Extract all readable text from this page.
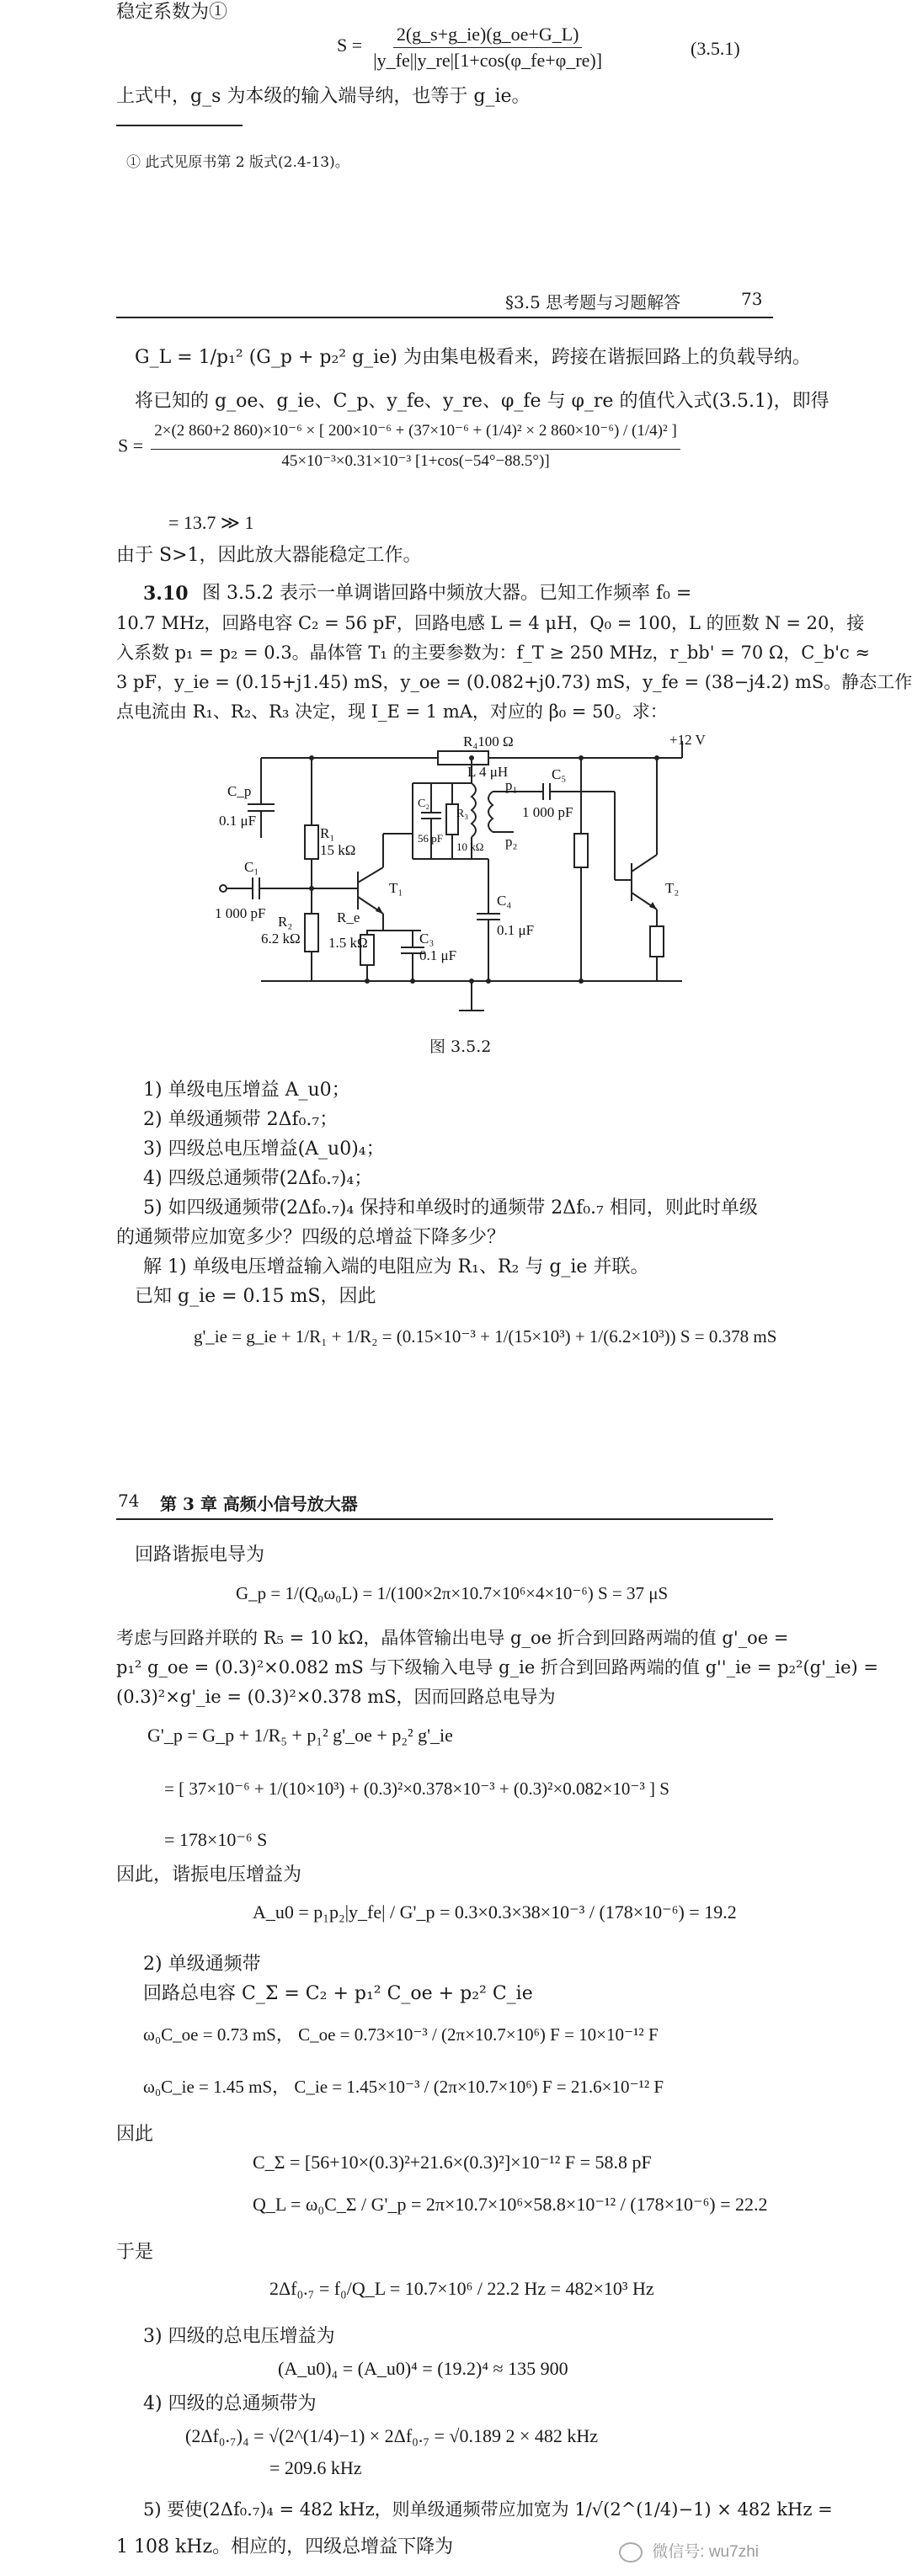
稳定系数为①
$S = \frac{2(g\_s+g\_ie)(g\_oe+G\_L)}{|y\_fe||y\_re|[1+\cos(\varphi\_fe+\varphi\_re)]}$	(3.5.1)
上式中，g_s 为本级的输入端导纳，也等于 g_ie。
① 此式见原书第 2 版式(2.4-13)。
§3.5 思考题与习题解答	73
G_L = 1/p₁² (G_p + p₂² g_ie) 为由集电极看来，跨接在谐振回路上的负载导纳。
将已知的 g_oe、g_ie、C_p、y_fe、y_re、φ_fe 与 φ_re 的值代入式(3.5.1)，即得
S =
2×(2 860+2 860)×10⁻⁶ × [ 200×10⁻⁶ + (37×10⁻⁶ + (1/4)² × 2 860×10⁻⁶) / (1/4)² ]
45×10⁻³×0.31×10⁻³ [1+cos(−54°−88.5°)]
= 13.7 ≫ 1
由于 S>1，因此放大器能稳定工作。
3.10 图 3.5.2 表示一单调谐回路中频放大器。已知工作频率 f₀ =
10.7 MHz，回路电容 C₂ = 56 pF，回路电感 L = 4 μH，Q₀ = 100，L 的匝数 N = 20，接
入系数 p₁ = p₂ = 0.3。晶体管 T₁ 的主要参数为：f_T ≥ 250 MHz，r_bb' = 70 Ω，C_b'c ≈
3 pF，y_ie = (0.15+j1.45) mS，y_oe = (0.082+j0.73) mS，y_fe = (38−j4.2) mS。静态工作
点电流由 R₁、R₂、R₃ 决定，现 I_E = 1 mA，对应的 β₀ = 50。求：
R₄100 Ω	+12 V
C_p
0.1 μF
R₁
15 kΩ
C₁
1 000 pF
R₂
6.2 kΩ
T₁
R_e
1.5 kΩ	C₃
0.1 μF
C₄
0.1 μF
C₂
56 pF
R₃
10 kΩ
L 4 μH
p₁
p₂
C₅
1 000 pF
T₂
图 3.5.2
1) 单级电压增益 A_u0；
2) 单级通频带 2Δf₀.₇；
3) 四级总电压增益(A_u0)₄；
4) 四级总通频带(2Δf₀.₇)₄；
5) 如四级通频带(2Δf₀.₇)₄ 保持和单级时的通频带 2Δf₀.₇ 相同，则此时单级
的通频带应加宽多少？四级的总增益下降多少？
解 1) 单级电压增益输入端的电阻应为 R₁、R₂ 与 g_ie 并联。
已知 g_ie = 0.15 mS，因此
g'_ie = g_ie + 1/R₁ + 1/R₂ = (0.15×10⁻³ + 1/(15×10³) + 1/(6.2×10³)) S = 0.378 mS
74 第 3 章 高频小信号放大器
回路谐振电导为
G_p = 1/(Q₀ω₀L) = 1/(100×2π×10.7×10⁶×4×10⁻⁶) S = 37 μS
考虑与回路并联的 R₅ = 10 kΩ，晶体管输出电导 g_oe 折合到回路两端的值 g'_oe =
p₁² g_oe = (0.3)²×0.082 mS 与下级输入电导 g_ie 折合到回路两端的值 g''_ie = p₂²(g'_ie) =
(0.3)²×g'_ie = (0.3)²×0.378 mS，因而回路总电导为
G'_p = G_p + 1/R₅ + p₁² g'_oe + p₂² g'_ie
= [ 37×10⁻⁶ + 1/(10×10³) + (0.3)²×0.378×10⁻³ + (0.3)²×0.082×10⁻³ ] S
= 178×10⁻⁶ S
因此，谐振电压增益为
A_u0 = p₁p₂|y_fe| / G'_p = 0.3×0.3×38×10⁻³ / (178×10⁻⁶) = 19.2
2) 单级通频带
回路总电容 C_Σ = C₂ + p₁² C_oe + p₂² C_ie
ω₀C_oe = 0.73 mS， C_oe = 0.73×10⁻³ / (2π×10.7×10⁶) F = 10×10⁻¹² F
ω₀C_ie = 1.45 mS， C_ie = 1.45×10⁻³ / (2π×10.7×10⁶) F = 21.6×10⁻¹² F
因此
C_Σ = [56+10×(0.3)²+21.6×(0.3)²]×10⁻¹² F = 58.8 pF
Q_L = ω₀C_Σ / G'_p = 2π×10.7×10⁶×58.8×10⁻¹² / (178×10⁻⁶) = 22.2
于是
2Δf₀.₇ = f₀/Q_L = 10.7×10⁶ / 22.2 Hz = 482×10³ Hz
3) 四级的总电压增益为
(A_u0)₄ = (A_u0)⁴ = (19.2)⁴ ≈ 135 900
4) 四级的总通频带为
(2Δf₀.₇)₄ = √(2^(1/4)−1) × 2Δf₀.₇ = √0.189 2 × 482 kHz
= 209.6 kHz
5) 要使(2Δf₀.₇)₄ = 482 kHz，则单级通频带应加宽为 1/√(2^(1/4)−1) × 482 kHz =
1 108 kHz。相应的，四级总增益下降为	微信号: wu7zhi
